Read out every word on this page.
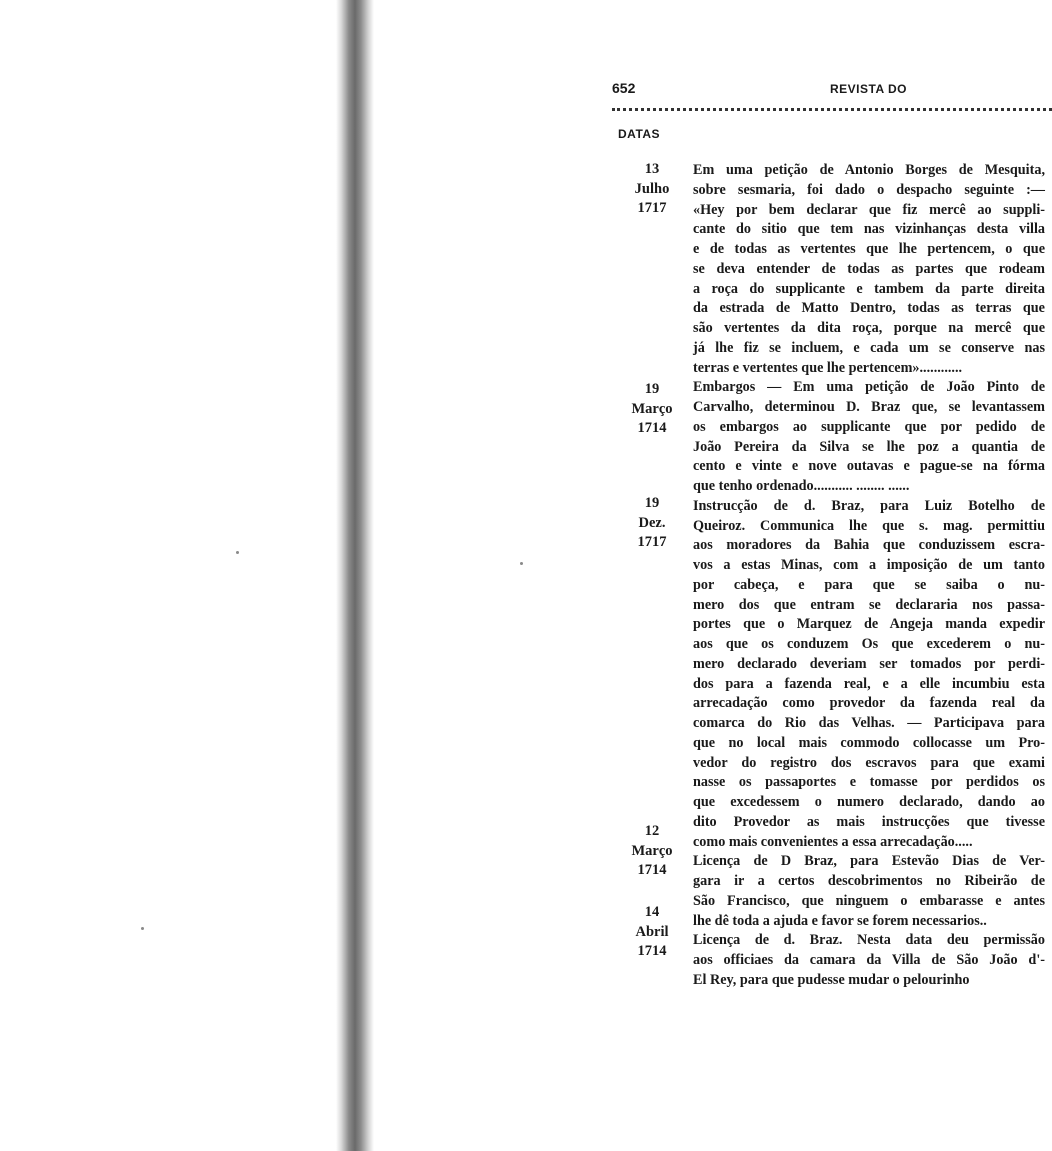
652	REVISTA DO
DATAS
13
Julho
1717
19
Março
1714
19
Dez.
1717
12
Março
1714
14
Abril
1714
Em uma petição de Antonio Borges de Mesquita,
sobre sesmaria, foi dado o despacho seguinte :—
«Hey por bem declarar que fiz mercê ao suppli-
cante do sitio que tem nas vizinhanças desta villa
e de todas as vertentes que lhe pertencem, o que
se deva entender de todas as partes que rodeam
a roça do supplicante e tambem da parte direita
da estrada de Matto Dentro, todas as terras que
são vertentes da dita roça, porque na mercê que
já lhe fiz se incluem, e cada um se conserve nas
terras e vertentes que lhe pertencem»............
Embargos — Em uma petição de João Pinto de
Carvalho, determinou D. Braz que, se levantassem
os embargos ao supplicante que por pedido de
João Pereira da Silva se lhe poz a quantia de
cento e vinte e nove outavas e pague-se na fórma
que tenho ordenado........... ........ ......
Instrucção de d. Braz, para Luiz Botelho de
Queiroz. Communica lhe que s. mag. permittiu
aos moradores da Bahia que conduzissem escra-
vos a estas Minas, com a imposição de um tanto
por cabeça, e para que se saiba o nu-
mero dos que entram se declararia nos passa-
portes que o Marquez de Angeja manda expedir
aos que os conduzem Os que excederem o nu-
mero declarado deveriam ser tomados por perdi-
dos para a fazenda real, e a elle incumbiu esta
arrecadação como provedor da fazenda real da
comarca do Rio das Velhas. — Participava para
que no local mais commodo collocasse um Pro-
vedor do registro dos escravos para que exami
nasse os passaportes e tomasse por perdidos os
que excedessem o numero declarado, dando ao
dito Provedor as mais instrucções que tivesse
como mais convenientes a essa arrecadação.....
Licença de D Braz, para Estevão Dias de Ver-
gara ir a certos descobrimentos no Ribeirão de
São Francisco, que ninguem o embarasse e antes
lhe dê toda a ajuda e favor se forem necessarios..
Licença de d. Braz. Nesta data deu permissão
aos officiaes da camara da Villa de São João d'-
El Rey, para que pudesse mudar o pelourinho
